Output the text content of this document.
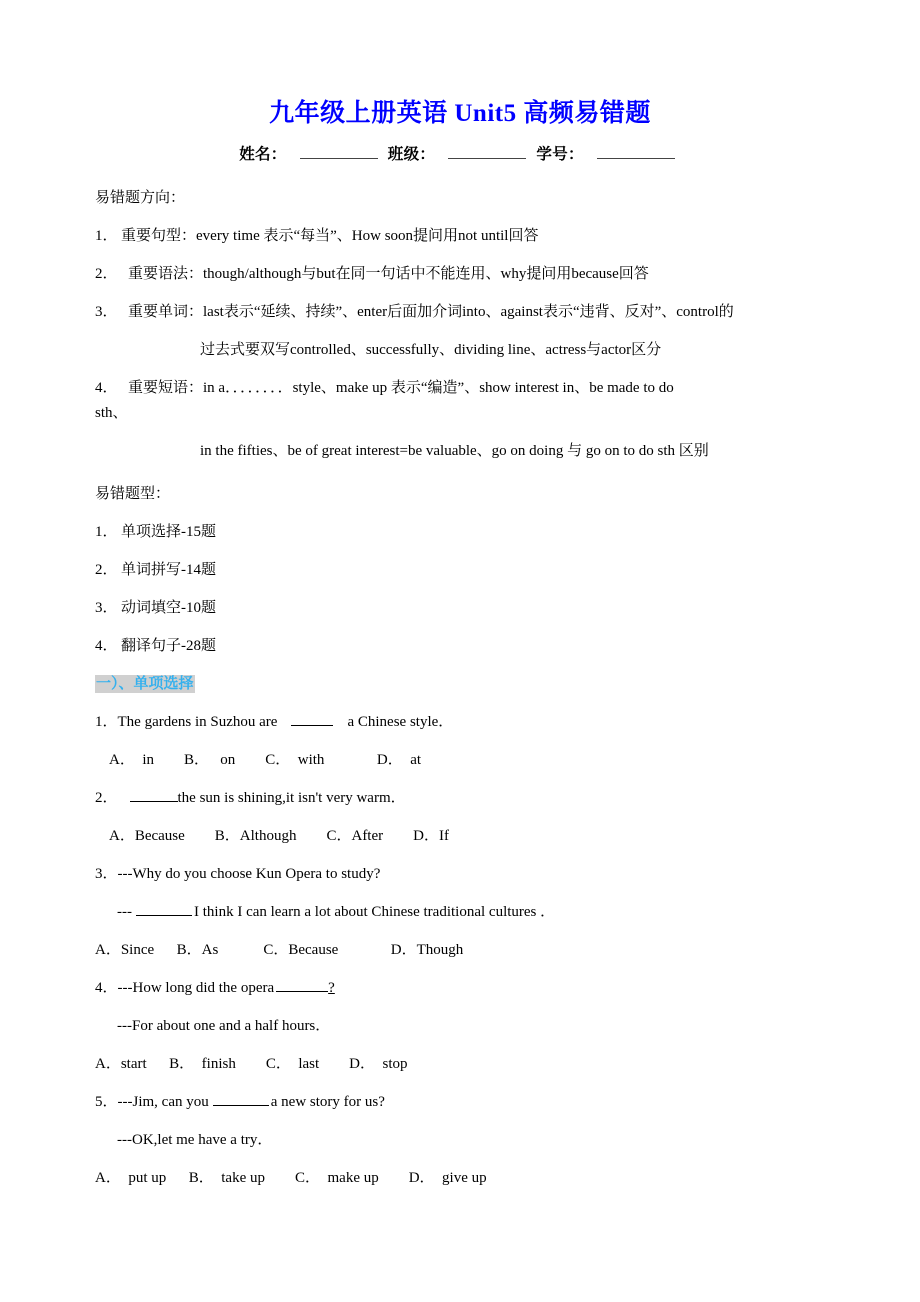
九年级上册英语 Unit5 高频易错题

姓名：	班级：	学号：

易错题方向：

1． 重要句型：every time 表示“每当”、How soon提问用not until回答

2． 重要语法：though/although与but在同一句话中不能连用、why提问用because回答

3． 重要单词：last表示“延续、持续”、enter后面加介词into、against表示“违背、反对”、control的

过去式要双写controlled、successfully、dividing line、actress与actor区分

4． 重要短语：in a．．．．．．．．style、make up 表示“编造”、show interest in、be made to do

sth、

in the fifties、be of great interest=be valuable、go on doing 与 go on to do sth 区别

易错题型：

1． 单项选择-15题

2． 单词拼写-14题

3． 动词填空-10题

4． 翻译句子-28题

一）、单项选择

1．The gardens in Suzhou are	a Chinese style．

A．  in        B．   on        C．  with              D．  at

2．	the sun is shining,it isn't very warm．

A．Because        B．Although        C．After        D．If

3．---Why do you choose Kun Opera to study?

---	I think I can learn a lot about Chinese traditional cultures ．

A．Since      B．As            C．Because              D．Though

4．---How long did the opera	?

---For about one and a half hours．

A．start      B．  finish        C．  last        D．  stop

5．---Jim, can you	a new story for us?

---OK,let me have a try．

A．  put up      B．  take up        C．  make up        D．  give up
